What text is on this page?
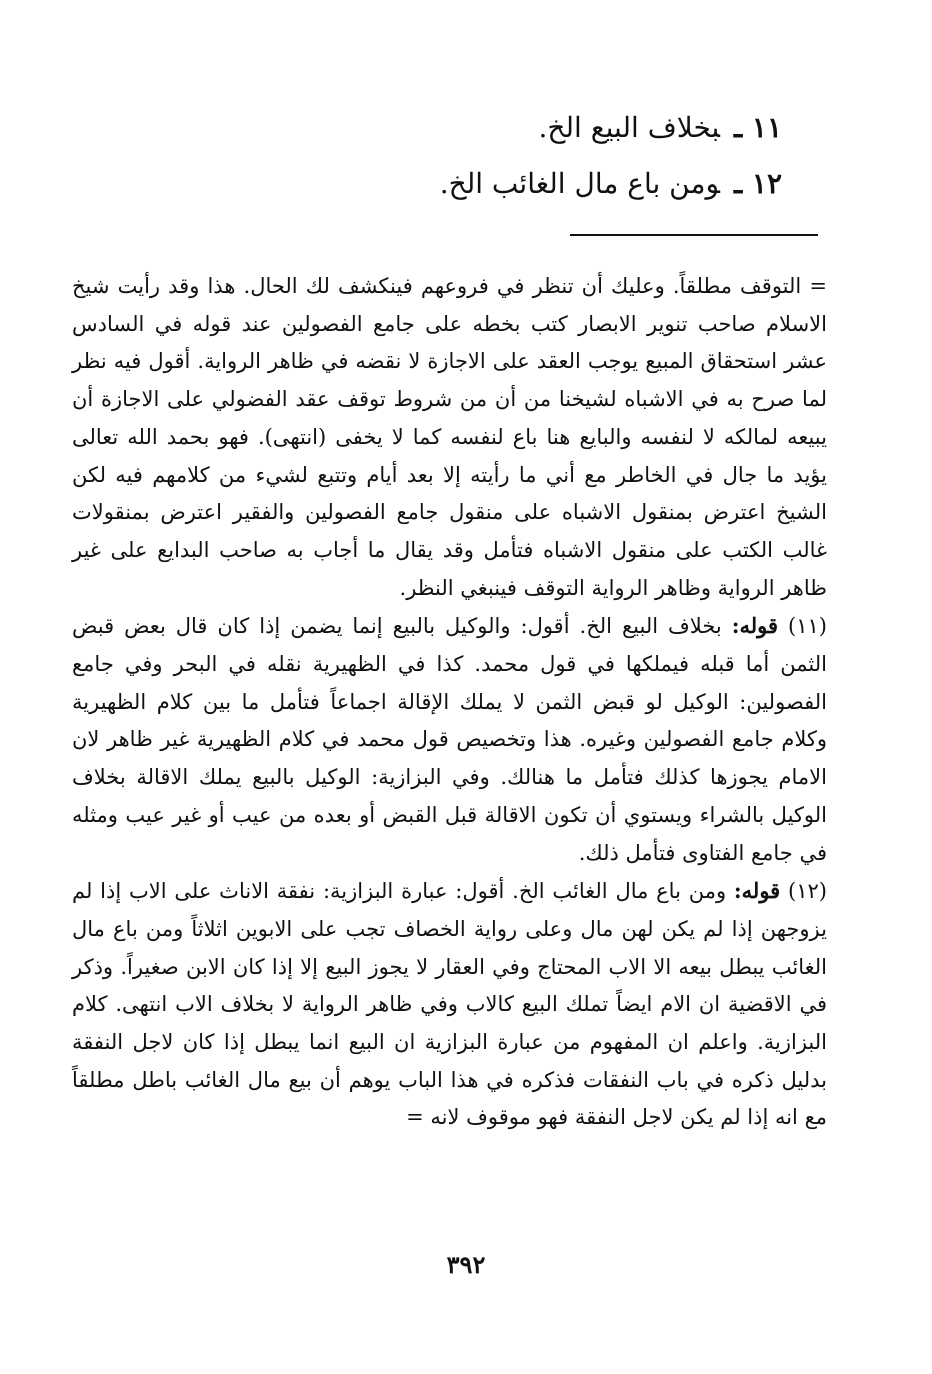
١١ ـبخلاف البيع الخ.
١٢ ـومن باع مال الغائب الخ.

= التوقف مطلقاً. وعليك أن تنظر في فروعهم فينكشف لك الحال. هذا وقد رأيت شيخ الاسلام صاحب تنوير الابصار كتب بخطه على جامع الفصولين عند قوله في السادس عشر استحقاق المبيع يوجب العقد على الاجازة لا نقضه في ظاهر الرواية. أقول فيه نظر لما صرح به في الاشباه لشيخنا من أن من شروط توقف عقد الفضولي على الاجازة أن يبيعه لمالكه لا لنفسه والبايع هنا باع لنفسه كما لا يخفى (انتهى). فهو بحمد الله تعالى يؤيد ما جال في الخاطر مع أني ما رأيته إلا بعد أيام وتتبع لشيء من كلامهم فيه لكن الشيخ اعترض بمنقول الاشباه على منقول جامع الفصولين والفقير اعترض بمنقولات غالب الكتب على منقول الاشباه فتأمل وقد يقال ما أجاب به صاحب البدايع على غير ظاهر الرواية وظاهر الرواية التوقف فينبغي النظر.

(١١) قوله: بخلاف البيع الخ. أقول: والوكيل بالبيع إنما يضمن إذا كان قال بعض قبض الثمن أما قبله فيملكها في قول محمد. كذا في الظهيرية نقله في البحر وفي جامع الفصولين: الوكيل لو قبض الثمن لا يملك الإقالة اجماعاً فتأمل ما بين كلام الظهيرية وكلام جامع الفصولين وغيره. هذا وتخصيص قول محمد في كلام الظهيرية غير ظاهر لان الامام يجوزها كذلك فتأمل ما هنالك. وفي البزازية: الوكيل بالبيع يملك الاقالة بخلاف الوكيل بالشراء ويستوي أن تكون الاقالة قبل القبض أو بعده من عيب أو غير عيب ومثله في جامع الفتاوى فتأمل ذلك.

(١٢) قوله: ومن باع مال الغائب الخ. أقول: عبارة البزازية: نفقة الاناث على الاب إذا لم يزوجهن إذا لم يكن لهن مال وعلى رواية الخصاف تجب على الابوين اثلاثاً ومن باع مال الغائب يبطل بيعه الا الاب المحتاج وفي العقار لا يجوز البيع إلا إذا كان الابن صغيراً. وذكر في الاقضية ان الام ايضاً تملك البيع كالاب وفي ظاهر الرواية لا بخلاف الاب انتهى. كلام البزازية. واعلم ان المفهوم من عبارة البزازية ان البيع انما يبطل إذا كان لاجل النفقة بدليل ذكره في باب النفقات فذكره في هذا الباب يوهم أن بيع مال الغائب باطل مطلقاً مع انه إذا لم يكن لاجل النفقة فهو موقوف لانه =

٣٩٢
